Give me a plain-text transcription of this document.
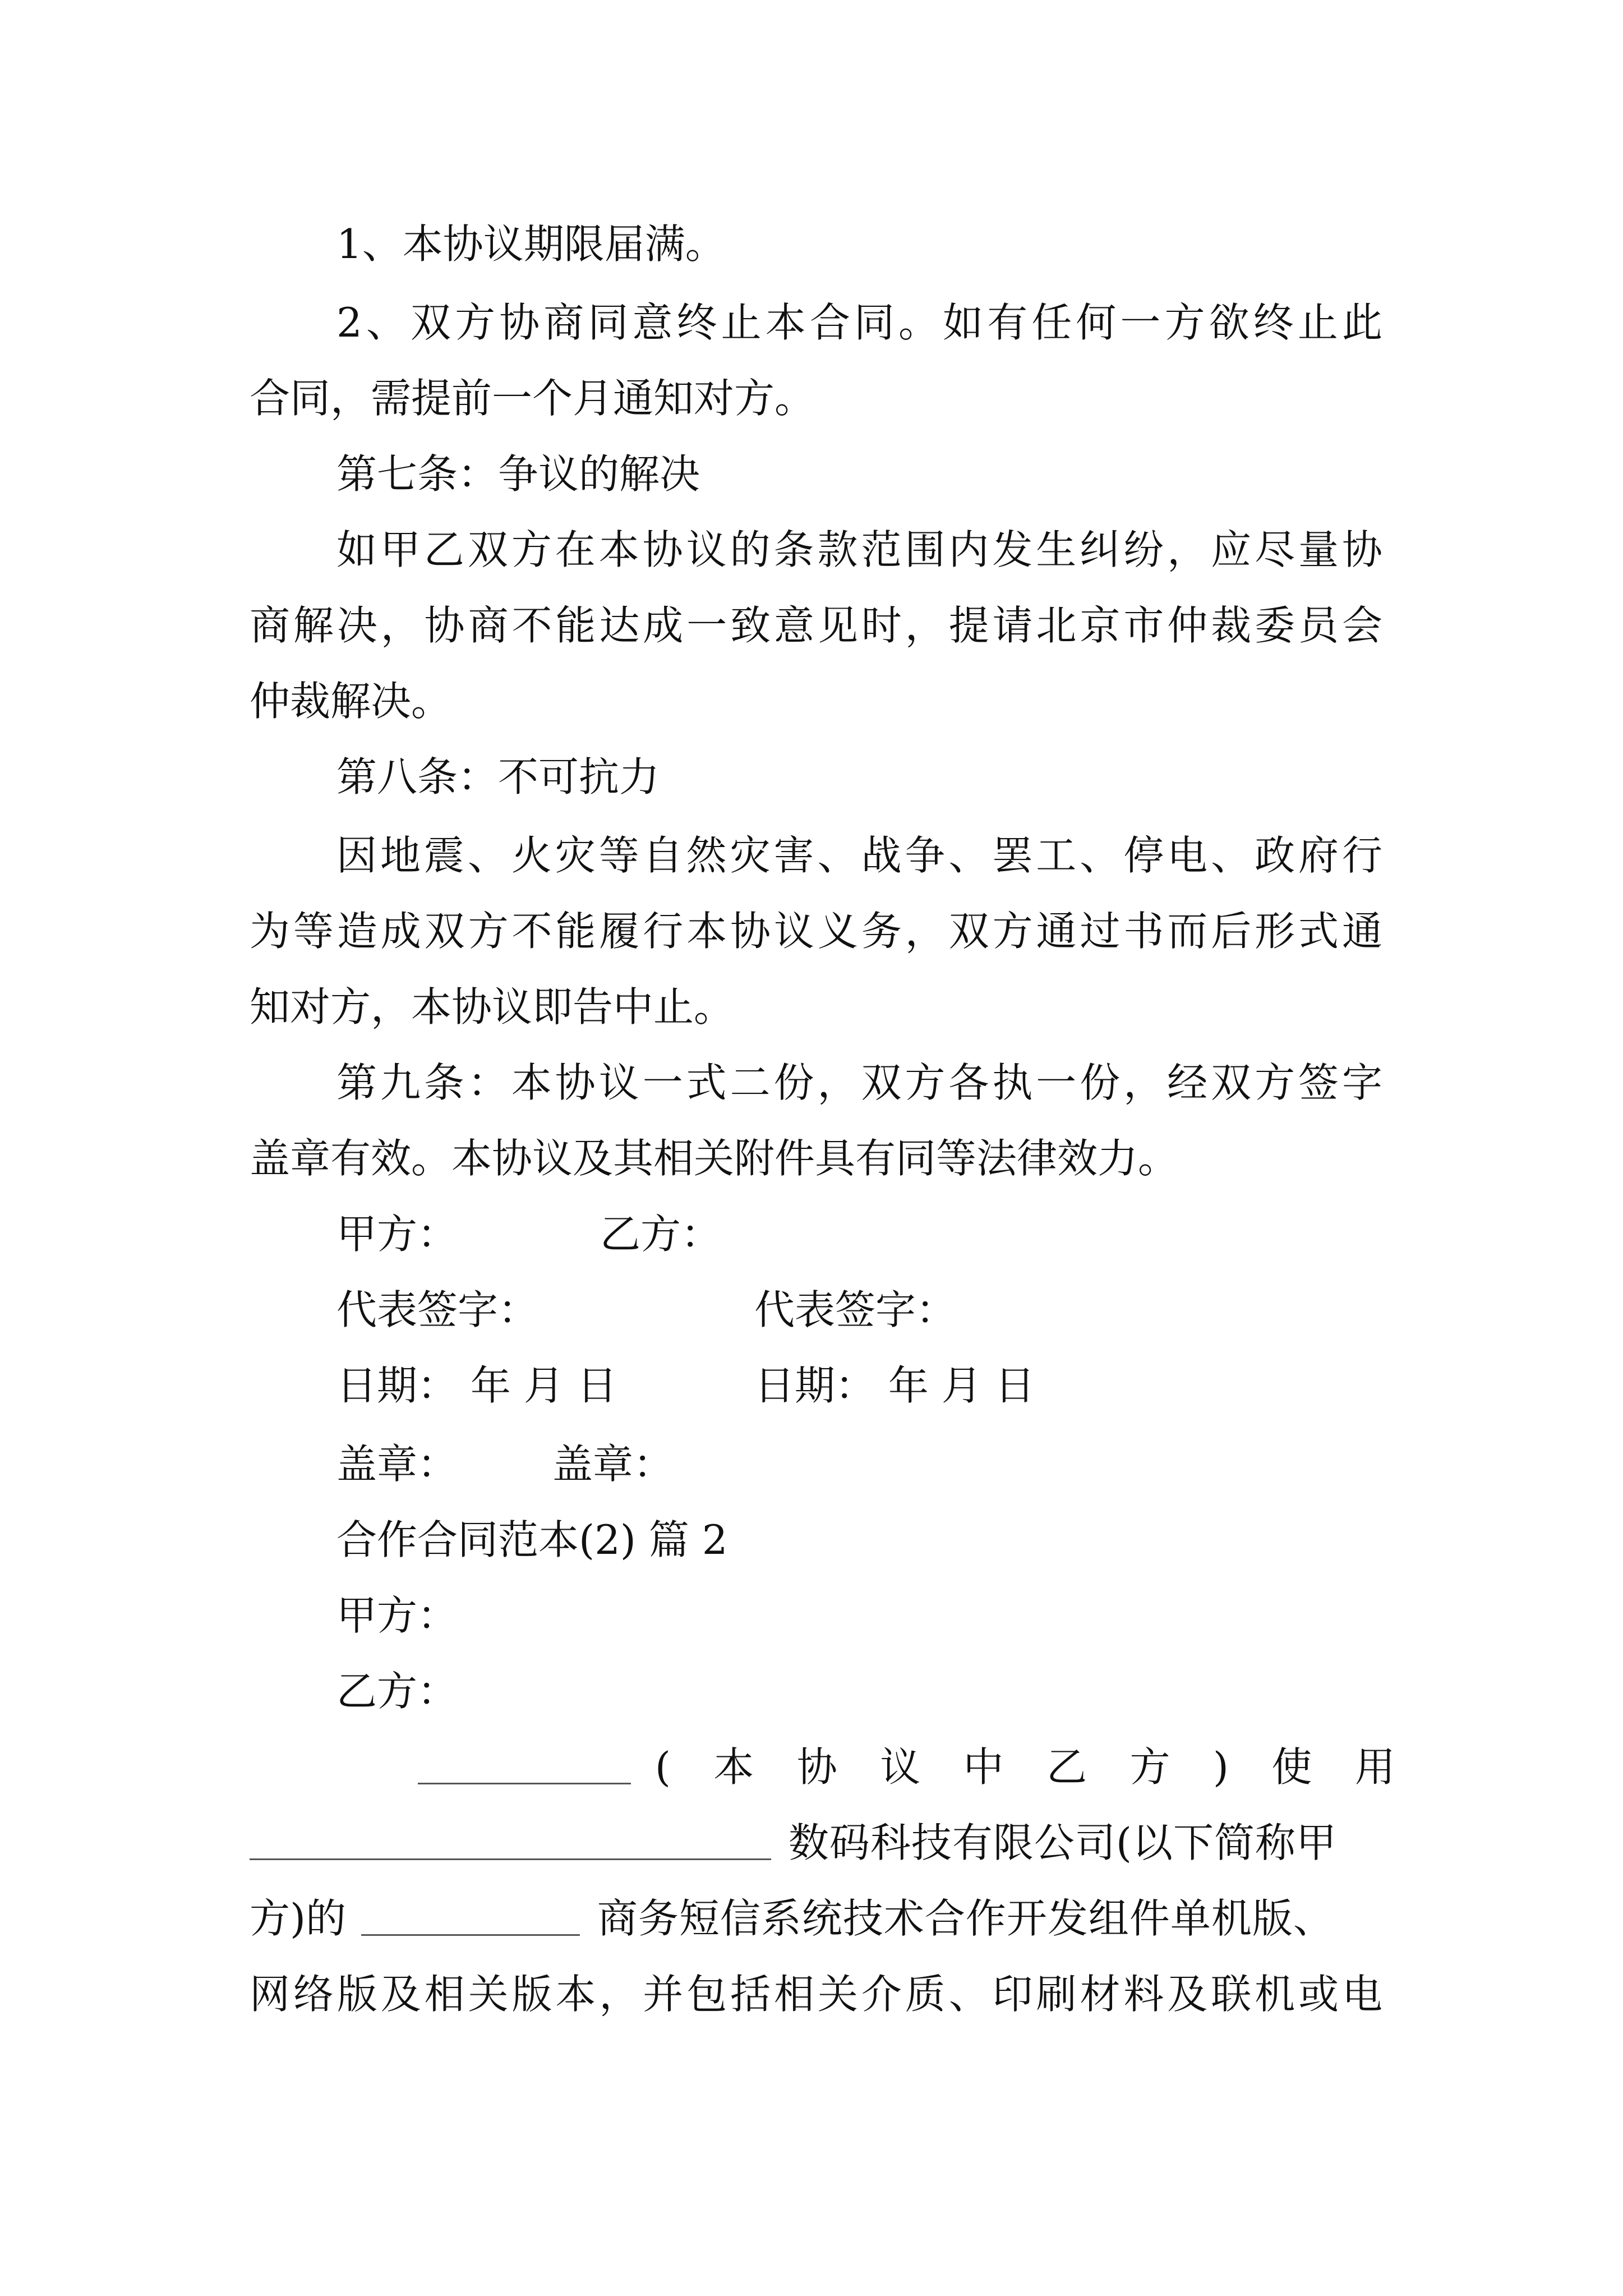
1、本协议期限届满。
2、双方协商同意终止本合同。如有任何一方欲终止此
合同，需提前一个月通知对方。
第七条：争议的解决
如甲乙双方在本协议的条款范围内发生纠纷，应尽量协
商解决，协商不能达成一致意见时，提请北京市仲裁委员会
仲裁解决。
第八条：不可抗力
因地震、火灾等自然灾害、战争、罢工、停电、政府行
为等造成双方不能履行本协议义务，双方通过书而后形式通
知对方，本协议即告中止。
第九条：本协议一式二份，双方各执一份，经双方签字
盖章有效。本协议及其相关附件具有同等法律效力。
甲方：	乙方：
代表签字：	代表签字：
日期： 年 月 日	日期： 年 月 日
盖章： 盖章：
合作合同范本(2) 篇 2
甲方：
乙方：

( 本 协 议 中 乙 方 ) 使 用
数码科技有限公司(以下简称甲
方)的	商务短信系统技术合作开发组件单机版、
网络版及相关版本，并包括相关介质、印刷材料及联机或电
